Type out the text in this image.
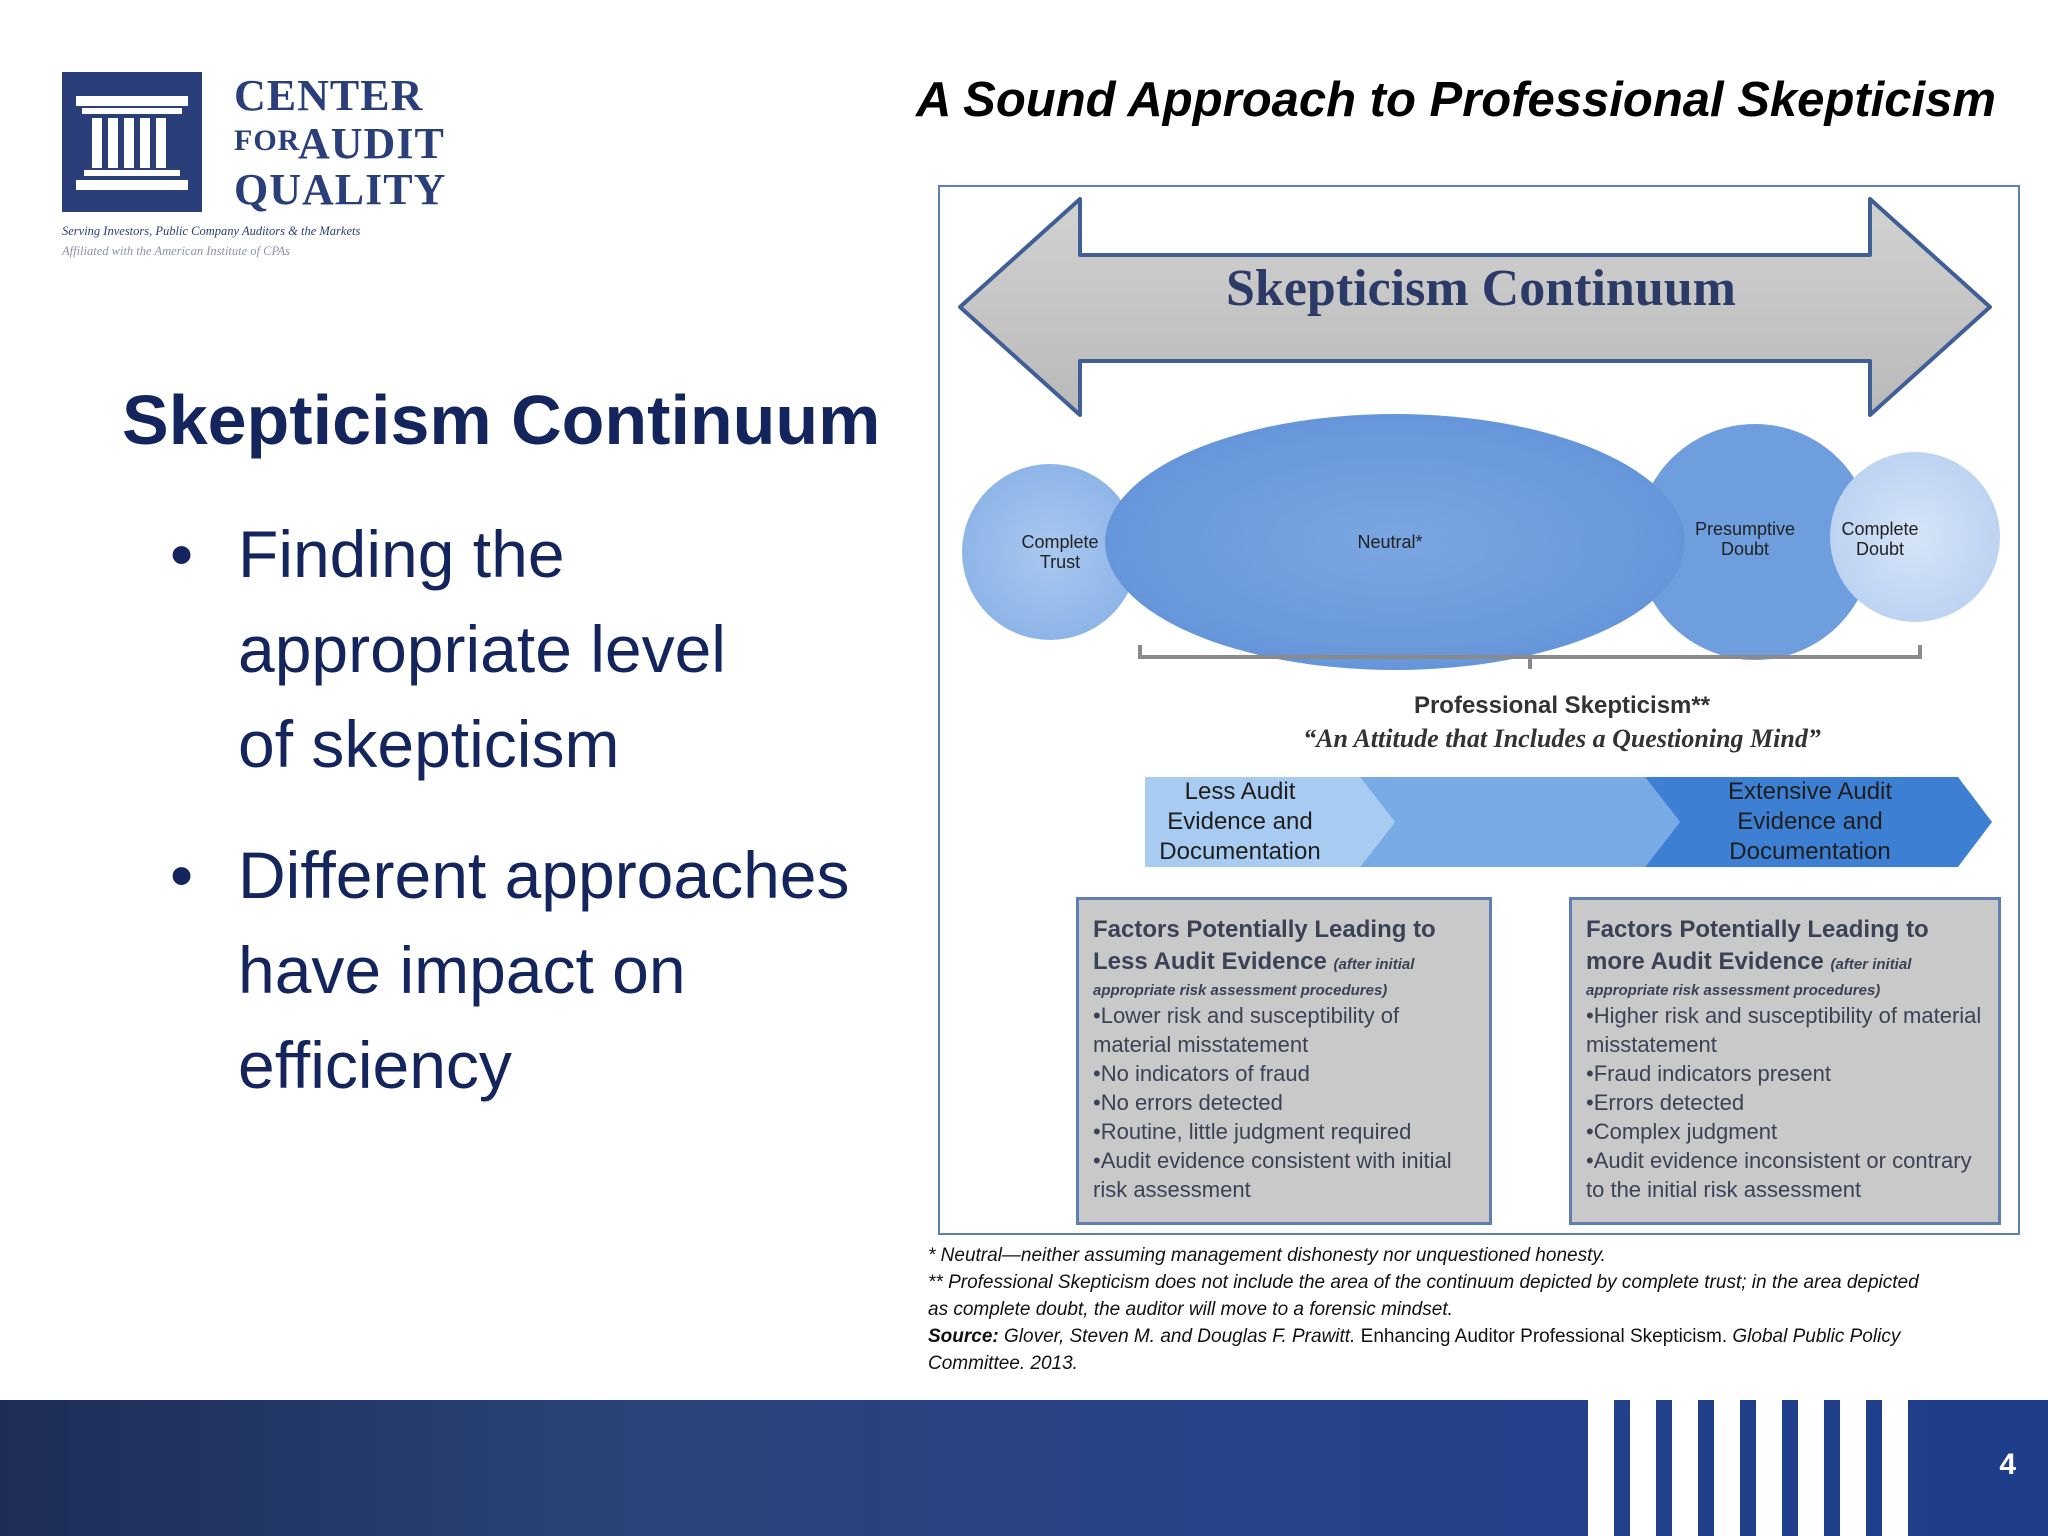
CENTER
FOR
AUDIT
QUALITY
Serving Investors, Public Company Auditors & the Markets
Affiliated with the American Institute of CPAs
A Sound Approach to Professional Skepticism
Skepticism Continuum
• Finding the
appropriate level
of skepticism
• Different approaches
have impact on
efficiency
Skepticism Continuum
Complete Trust
Neutral*
Presumptive Doubt
Complete Doubt
Professional Skepticism**
“An Attitude that Includes a Questioning Mind”
Less Audit Evidence and Documentation
Extensive Audit Evidence and Documentation
Factors Potentially Leading to Less Audit Evidence (after initial
appropriate risk assessment procedures)
•Lower risk and susceptibility of material misstatement
•No indicators of fraud
•No errors detected
•Routine, little judgment required
•Audit evidence consistent with initial risk assessment
Factors Potentially Leading to more Audit Evidence (after initial
appropriate risk assessment procedures)
•Higher risk and susceptibility of material misstatement
•Fraud indicators present
•Errors detected
•Complex judgment
•Audit evidence inconsistent or contrary to the initial risk assessment
* Neutral—neither assuming management dishonesty nor unquestioned honesty.
** Professional Skepticism does not include the area of the continuum depicted by complete trust; in the area depicted
as complete doubt, the auditor will move to a forensic mindset.
Source: Glover, Steven M. and Douglas F. Prawitt. Enhancing Auditor Professional Skepticism. Global Public Policy
Committee. 2013.
4
